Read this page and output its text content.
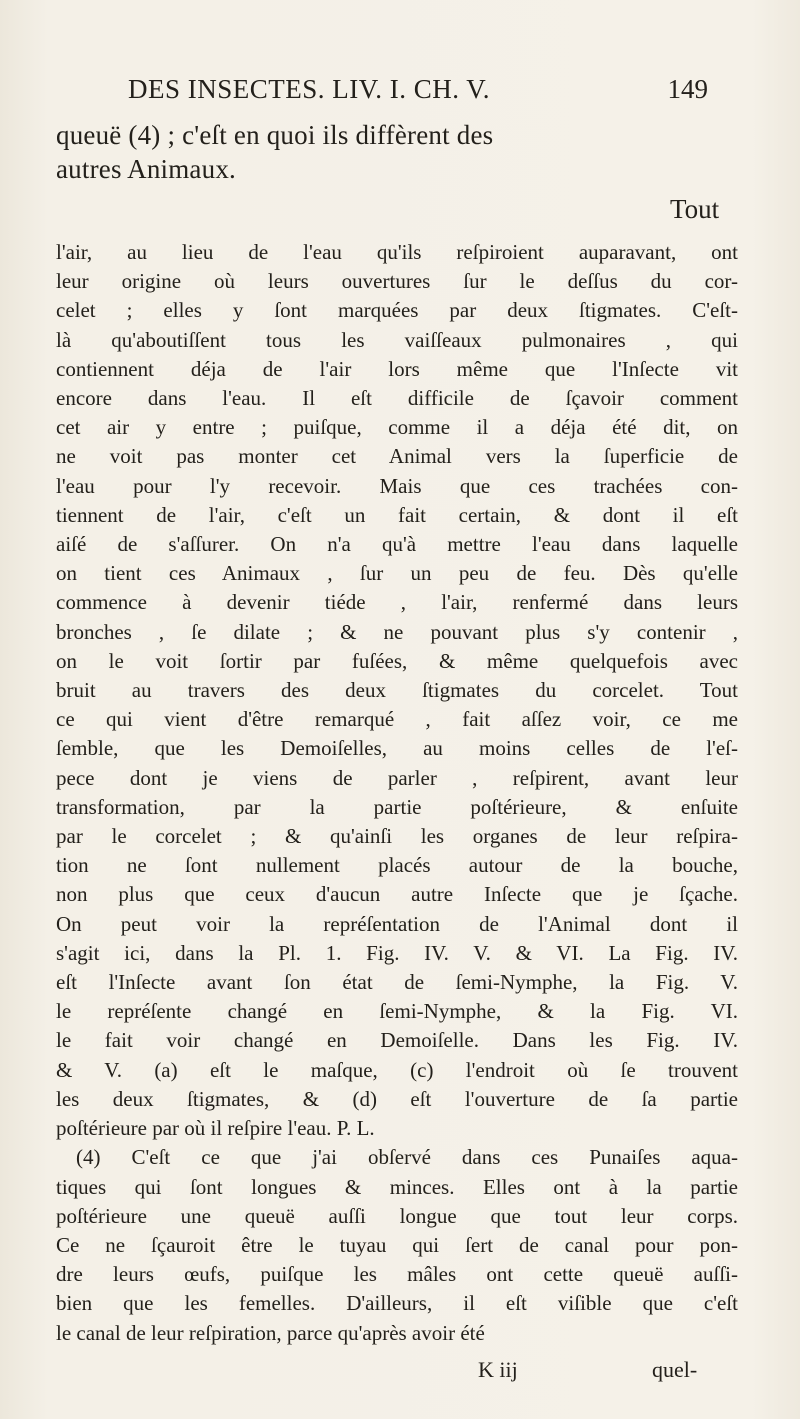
DES INSECTES. LIV. I. CH. V.	149
queuë (4) ; c'eſt en quoi ils diffèrent des
autres Animaux.
Tout
l'air, au lieu de l'eau qu'ils reſpiroient auparavant, ont
leur origine où leurs ouvertures ſur le deſſus du cor-
celet ; elles y ſont marquées par deux ſtigmates. C'eſt-
là qu'aboutiſſent tous les vaiſſeaux pulmonaires , qui
contiennent déja de l'air lors même que l'Inſecte vit
encore dans l'eau. Il eſt difficile de ſçavoir comment
cet air y entre ; puiſque, comme il a déja été dit, on
ne voit pas monter cet Animal vers la ſuperficie de
l'eau pour l'y recevoir. Mais que ces trachées con-
tiennent de l'air, c'eſt un fait certain, & dont il eſt
aiſé de s'aſſurer. On n'a qu'à mettre l'eau dans laquelle
on tient ces Animaux , ſur un peu de feu. Dès qu'elle
commence à devenir tiéde , l'air, renfermé dans leurs
bronches , ſe dilate ; & ne pouvant plus s'y contenir ,
on le voit ſortir par fuſées, & même quelquefois avec
bruit au travers des deux ſtigmates du corcelet. Tout
ce qui vient d'être remarqué , fait aſſez voir, ce me
ſemble, que les Demoiſelles, au moins celles de l'eſ-
pece dont je viens de parler , reſpirent, avant leur
transformation, par la partie poſtérieure, & enſuite
par le corcelet ; & qu'ainſi les organes de leur reſpira-
tion ne ſont nullement placés autour de la bouche,
non plus que ceux d'aucun autre Inſecte que je ſçache.
On peut voir la repréſentation de l'Animal dont il
s'agit ici, dans la Pl. 1. Fig. IV. V. & VI. La Fig. IV.
eſt l'Inſecte avant ſon état de ſemi-Nymphe, la Fig. V.
le repréſente changé en ſemi-Nymphe, & la Fig. VI.
le fait voir changé en Demoiſelle. Dans les Fig. IV.
& V. (a) eſt le maſque, (c) l'endroit où ſe trouvent
les deux ſtigmates, & (d) eſt l'ouverture de ſa partie
poſtérieure par où il reſpire l'eau. P. L.
(4) C'eſt ce que j'ai obſervé dans ces Punaiſes aqua-
tiques qui ſont longues & minces. Elles ont à la partie
poſtérieure une queuë auſſi longue que tout leur corps.
Ce ne ſçauroit être le tuyau qui ſert de canal pour pon-
dre leurs œufs, puiſque les mâles ont cette queuë auſſi-
bien que les femelles. D'ailleurs, il eſt viſible que c'eſt
le canal de leur reſpiration, parce qu'après avoir été
K iij	quel-
